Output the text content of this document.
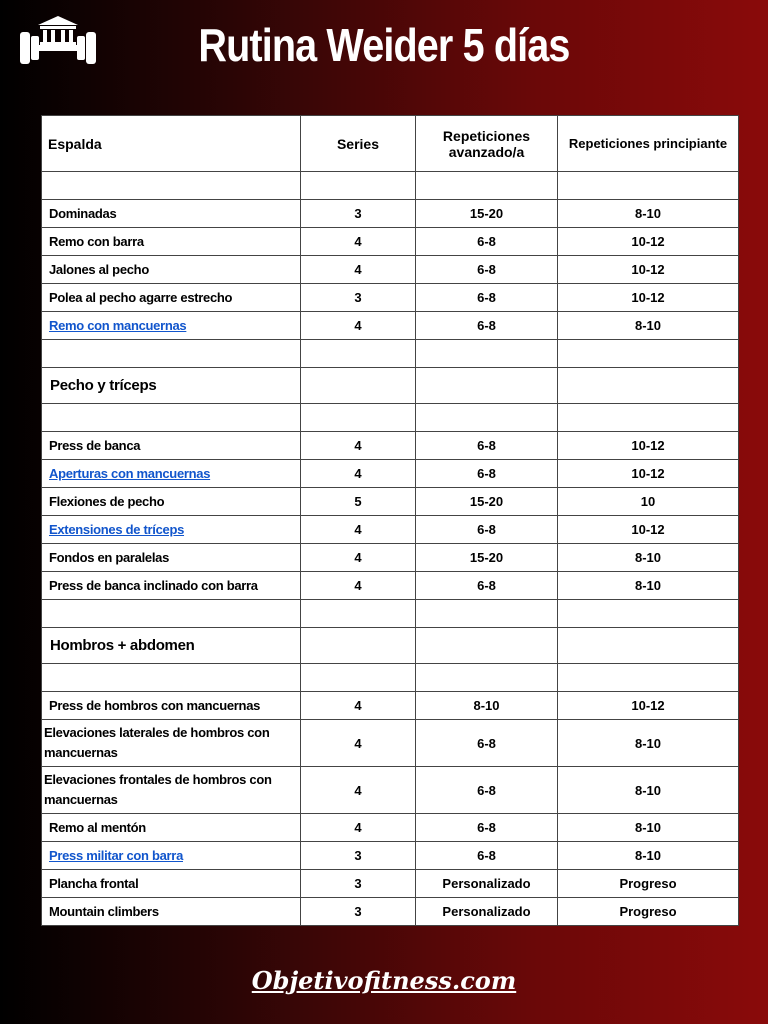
Rutina Weider 5 días
Espalda	Series	Repeticiones avanzado/a	Repeticiones principiante

Dominadas	3	15-20	8-10
Remo con barra	4	6-8	10-12
Jalones al pecho	4	6-8	10-12
Polea al pecho agarre estrecho	3	6-8	10-12
Remo con mancuernas	4	6-8	8-10

Pecho y tríceps			

Press de banca	4	6-8	10-12
Aperturas con mancuernas	4	6-8	10-12
Flexiones de pecho	5	15-20	10
Extensiones de tríceps	4	6-8	10-12
Fondos en paralelas	4	15-20	8-10
Press de banca inclinado con barra	4	6-8	8-10

Hombros + abdomen			

Press de hombros con mancuernas	4	8-10	10-12
Elevaciones laterales de hombros con mancuernas	4	6-8	8-10
Elevaciones frontales de hombros con mancuernas	4	6-8	8-10
Remo al mentón	4	6-8	8-10
Press militar con barra	3	6-8	8-10
Plancha frontal	3	Personalizado	Progreso
Mountain climbers	3	Personalizado	Progreso
Objetivofitness.com
